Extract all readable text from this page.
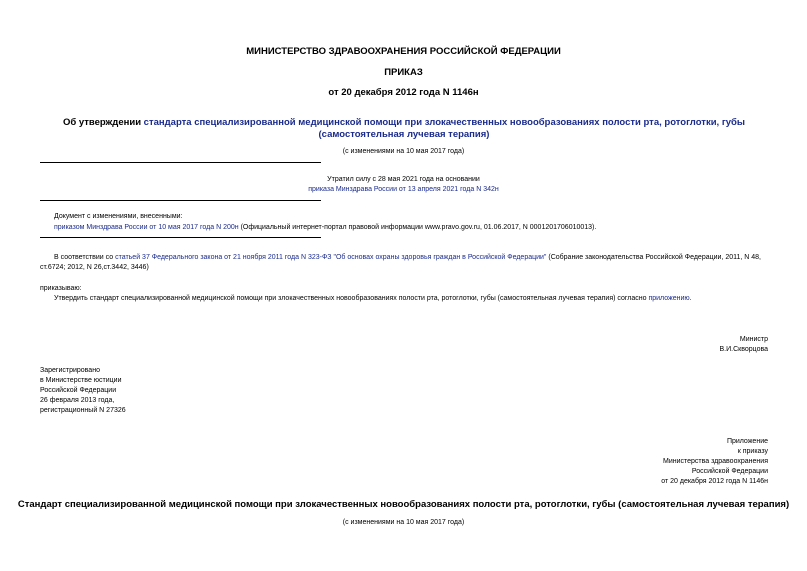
МИНИСТЕРСТВО ЗДРАВООХРАНЕНИЯ РОССИЙСКОЙ ФЕДЕРАЦИИ
ПРИКАЗ
от 20 декабря 2012 года N 1146н
Об утверждении стандарта специализированной медицинской помощи при злокачественных новообразованиях полости рта, ротоглотки, губы (самостоятельная лучевая терапия)
(с изменениями на 10 мая 2017 года)
Утратил силу с 28 мая 2021 года на основании
приказа Минздрава России от 13 апреля 2021 года N 342н
Документ с изменениями, внесенными:
приказом Минздрава России от 10 мая 2017 года N 200н (Официальный интернет-портал правовой информации www.pravo.gov.ru, 01.06.2017, N 0001201706010013).
В соответствии со статьей 37 Федерального закона от 21 ноября 2011 года N 323-ФЗ "Об основах охраны здоровья граждан в Российской Федерации" (Собрание законодательства Российской Федерации, 2011, N 48, ст.6724; 2012, N 26,ст.3442, 3446)
приказываю:
Утвердить стандарт специализированной медицинской помощи при злокачественных новообразованиях полости рта, ротоглотки, губы (самостоятельная лучевая терапия) согласно приложению.
Министр
В.И.Скворцова
Зарегистрировано
в Министерстве юстиции
Российской Федерации
26 февраля 2013 года,
регистрационный N 27326
Приложение
к приказу
Министерства здравоохранения
Российской Федерации
от 20 декабря 2012 года N 1146н
Стандарт специализированной медицинской помощи при злокачественных новообразованиях полости рта, ротоглотки, губы (самостоятельная лучевая терапия)
(с изменениями на 10 мая 2017 года)
